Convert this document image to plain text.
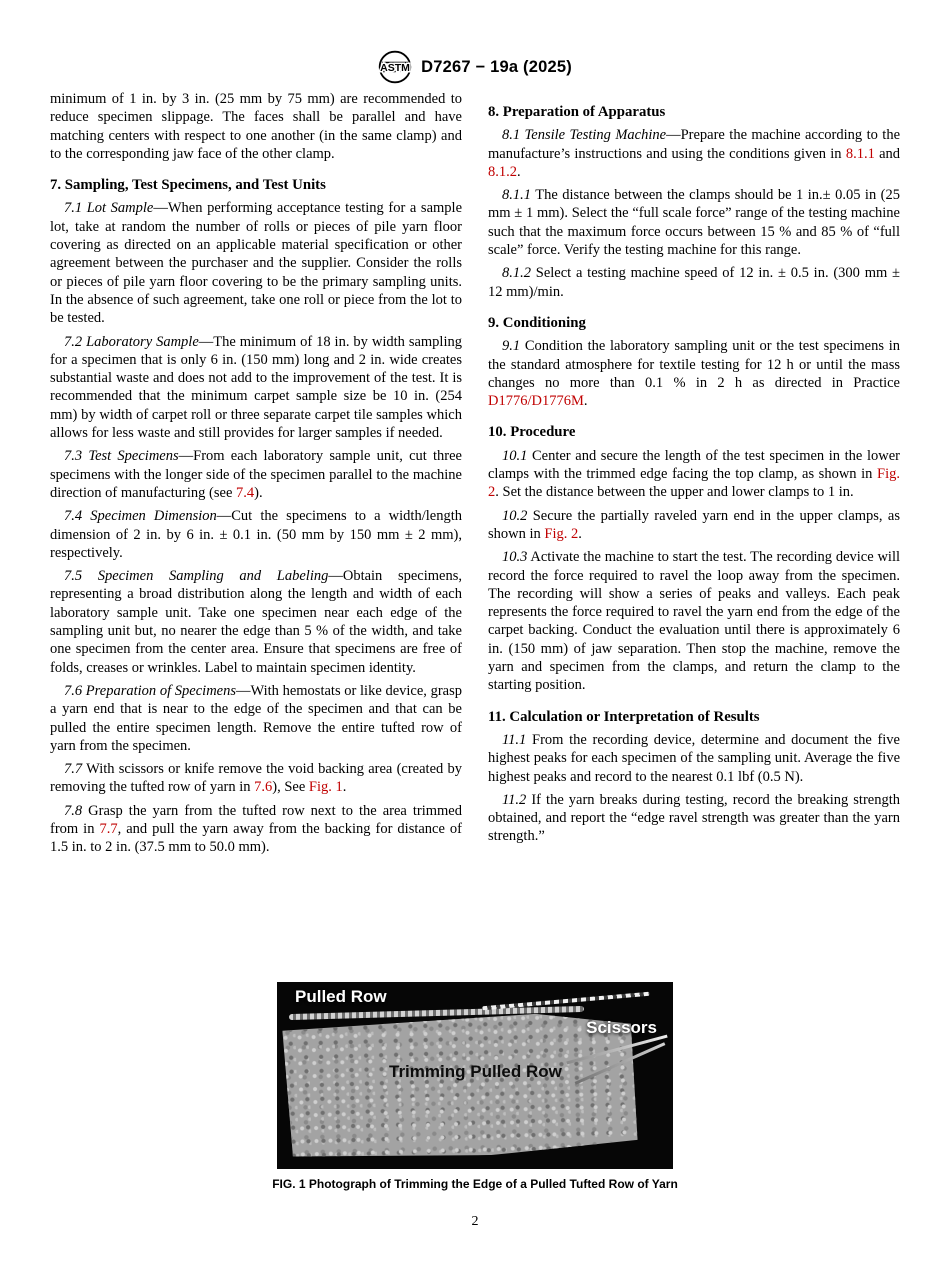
ASTM D7267 − 19a (2025)

minimum of 1 in. by 3 in. (25 mm by 75 mm) are recommended to reduce specimen slippage. The faces shall be parallel and have matching centers with respect to one another (in the same clamp) and to the corresponding jaw face of the other clamp.

7. Sampling, Test Specimens, and Test Units

7.1 Lot Sample—When performing acceptance testing for a sample lot, take at random the number of rolls or pieces of pile yarn floor covering as directed on an applicable material specification or other agreement between the purchaser and the supplier. Consider the rolls or pieces of pile yarn floor covering to be the primary sampling units. In the absence of such agreement, take one roll or piece from the lot to be tested.

7.2 Laboratory Sample—The minimum of 18 in. by width sampling for a specimen that is only 6 in. (150 mm) long and 2 in. wide creates substantial waste and does not add to the improvement of the test. It is recommended that the minimum carpet sample size be 10 in. (254 mm) by width of carpet roll or three separate carpet tile samples which allows for less waste and still provides for larger samples if needed.

7.3 Test Specimens—From each laboratory sample unit, cut three specimens with the longer side of the specimen parallel to the machine direction of manufacturing (see 7.4).

7.4 Specimen Dimension—Cut the specimens to a width/length dimension of 2 in. by 6 in. ± 0.1 in. (50 mm by 150 mm ± 2 mm), respectively.

7.5 Specimen Sampling and Labeling—Obtain specimens, representing a broad distribution along the length and width of each laboratory sample unit. Take one specimen near each edge of the sampling unit but, no nearer the edge than 5 % of the width, and take one specimen from the center area. Ensure that specimens are free of folds, creases or wrinkles. Label to maintain specimen identity.

7.6 Preparation of Specimens—With hemostats or like device, grasp a yarn end that is near to the edge of the specimen and that can be pulled the entire specimen length. Remove the entire tufted row of yarn from the specimen.

7.7 With scissors or knife remove the void backing area (created by removing the tufted row of yarn in 7.6), See Fig. 1.

7.8 Grasp the yarn from the tufted row next to the area trimmed from in 7.7, and pull the yarn away from the backing for distance of 1.5 in. to 2 in. (37.5 mm to 50.0 mm).

8. Preparation of Apparatus

8.1 Tensile Testing Machine—Prepare the machine according to the manufacture’s instructions and using the conditions given in 8.1.1 and 8.1.2.

8.1.1 The distance between the clamps should be 1 in.± 0.05 in (25 mm ± 1 mm). Select the “full scale force” range of the testing machine such that the maximum force occurs between 15 % and 85 % of “full scale” force. Verify the testing machine for this range.

8.1.2 Select a testing machine speed of 12 in. ± 0.5 in. (300 mm ± 12 mm)/min.

9. Conditioning

9.1 Condition the laboratory sampling unit or the test specimens in the standard atmosphere for textile testing for 12 h or until the mass changes no more than 0.1 % in 2 h as directed in Practice D1776/D1776M.

10. Procedure

10.1 Center and secure the length of the test specimen in the lower clamps with the trimmed edge facing the top clamp, as shown in Fig. 2. Set the distance between the upper and lower clamps to 1 in.

10.2 Secure the partially raveled yarn end in the upper clamps, as shown in Fig. 2.

10.3 Activate the machine to start the test. The recording device will record the force required to ravel the loop away from the specimen. The recording will show a series of peaks and valleys. Each peak represents the force required to ravel the yarn end from the edge of the carpet backing. Conduct the evaluation until there is approximately 6 in. (150 mm) of jaw separation. Then stop the machine, remove the yarn and specimen from the clamps, and return the clamp to the starting position.

11. Calculation or Interpretation of Results

11.1 From the recording device, determine and document the five highest peaks for each specimen of the sampling unit. Average the five highest peaks and record to the nearest 0.1 lbf (0.5 N).

11.2 If the yarn breaks during testing, record the breaking strength obtained, and report the “edge ravel strength was greater than the yarn strength.”

Pulled Row
Scissors
Trimming Pulled Row
FIG. 1 Photograph of Trimming the Edge of a Pulled Tufted Row of Yarn
2
